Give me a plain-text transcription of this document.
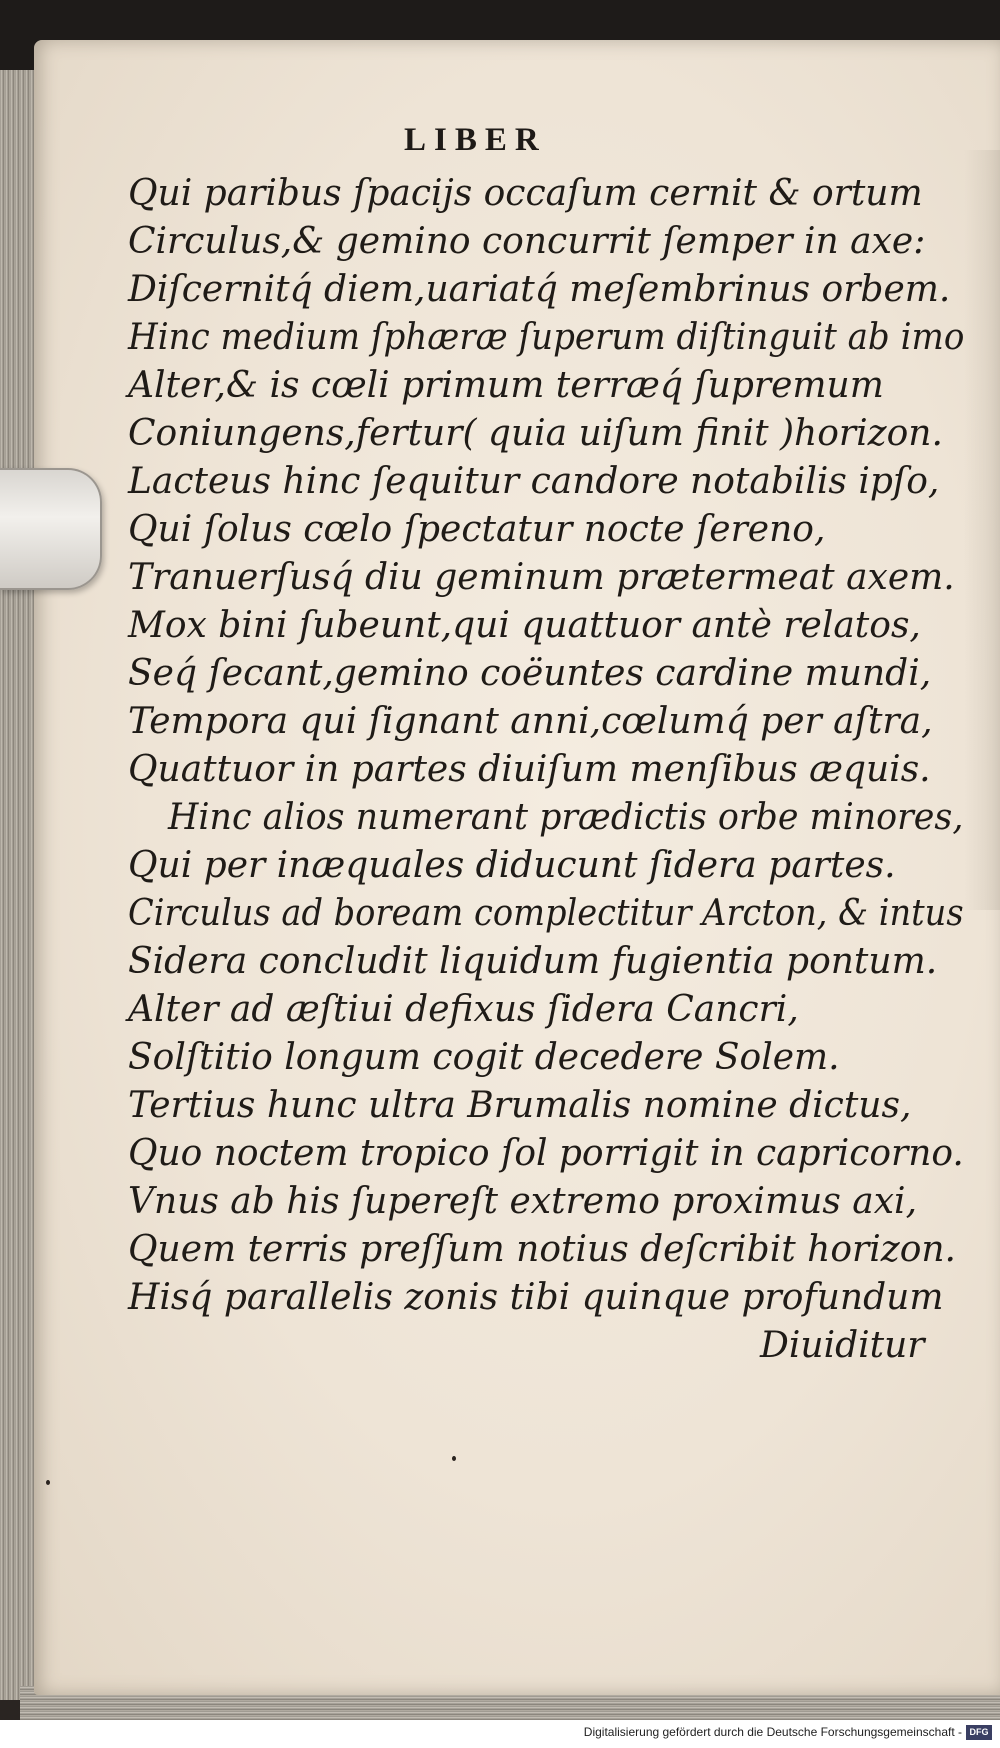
LIBER
Qui paribus ſpacijs occaſum cernit & ortum
Circulus,& gemino concurrit ſemper in axe:
Diſcernitq́ diem,uariatq́ meſembrinus orbem.
Hinc medium ſphæræ ſuperum diſtinguit ab imo
Alter,& is cœli primum terræq́ ſupremum
Coniungens,fertur( quia uiſum finit )horizon.
Lacteus hinc ſequitur candore notabilis ipſo,
Qui ſolus cœlo ſpectatur nocte ſereno,
Tranuerſusq́ diu geminum prætermeat axem.
Mox bini ſubeunt,qui quattuor antè relatos,
Seq́ ſecant,gemino coëuntes cardine mundi,
Tempora qui ſignant anni,cœlumq́ per aſtra,
Quattuor in partes diuiſum menſibus æquis.
Hinc alios numerant prædictis orbe minores,
Qui per inæquales diducunt ſidera partes.
Circulus ad boream complectitur Arcton, & intus
Sidera concludit liquidum fugientia pontum.
Alter ad æſtiui defixus ſidera Cancri,
Solſtitio longum cogit decedere Solem.
Tertius hunc ultra Brumalis nomine dictus,
Quo noctem tropico ſol porrigit in capricorno.
Vnus ab his ſupereſt extremo proximus axi,
Quem terris preſſum notius deſcribit horizon.
Hisq́ parallelis zonis tibi quinque profundum
Diuiditur
Digitalisierung gefördert durch die Deutsche Forschungsgemeinschaft - DFG
